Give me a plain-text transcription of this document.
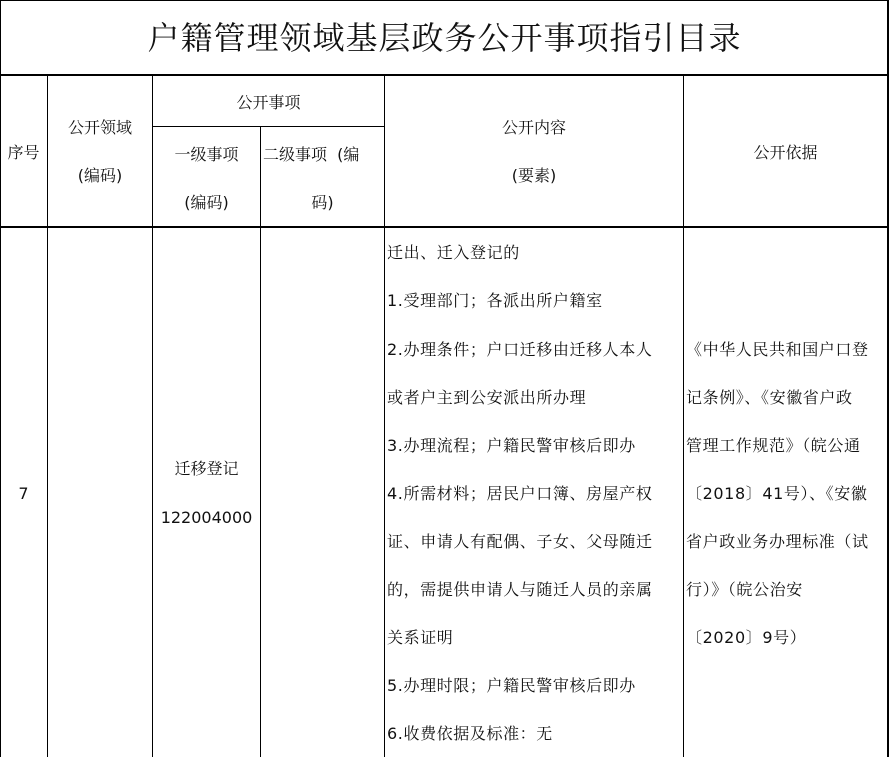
户籍管理领域基层政务公开事项指引目录
序号
公开领域
(编码)
公开事项
一级事项
(编码)
二级事项  (编
码)
公开内容
(要素)
公开依据
7
迁移登记
122004000
迁出、迁入登记的
1.受理部门；各派出所户籍室
2.办理条件；户口迁移由迁移人本人
或者户主到公安派出所办理
3.办理流程；户籍民警审核后即办
4.所需材料；居民户口簿、房屋产权
证、申请人有配偶、子女、父母随迁
的，需提供申请人与随迁人员的亲属
关系证明
5.办理时限；户籍民警审核后即办
6.收费依据及标准：无
《中华人民共和国户口登
记条例》、《安徽省户政
管理工作规范》（皖公通
〔2018〕41号）、《安徽
省户政业务办理标准（试
行）》（皖公治安
〔2020〕9号）
